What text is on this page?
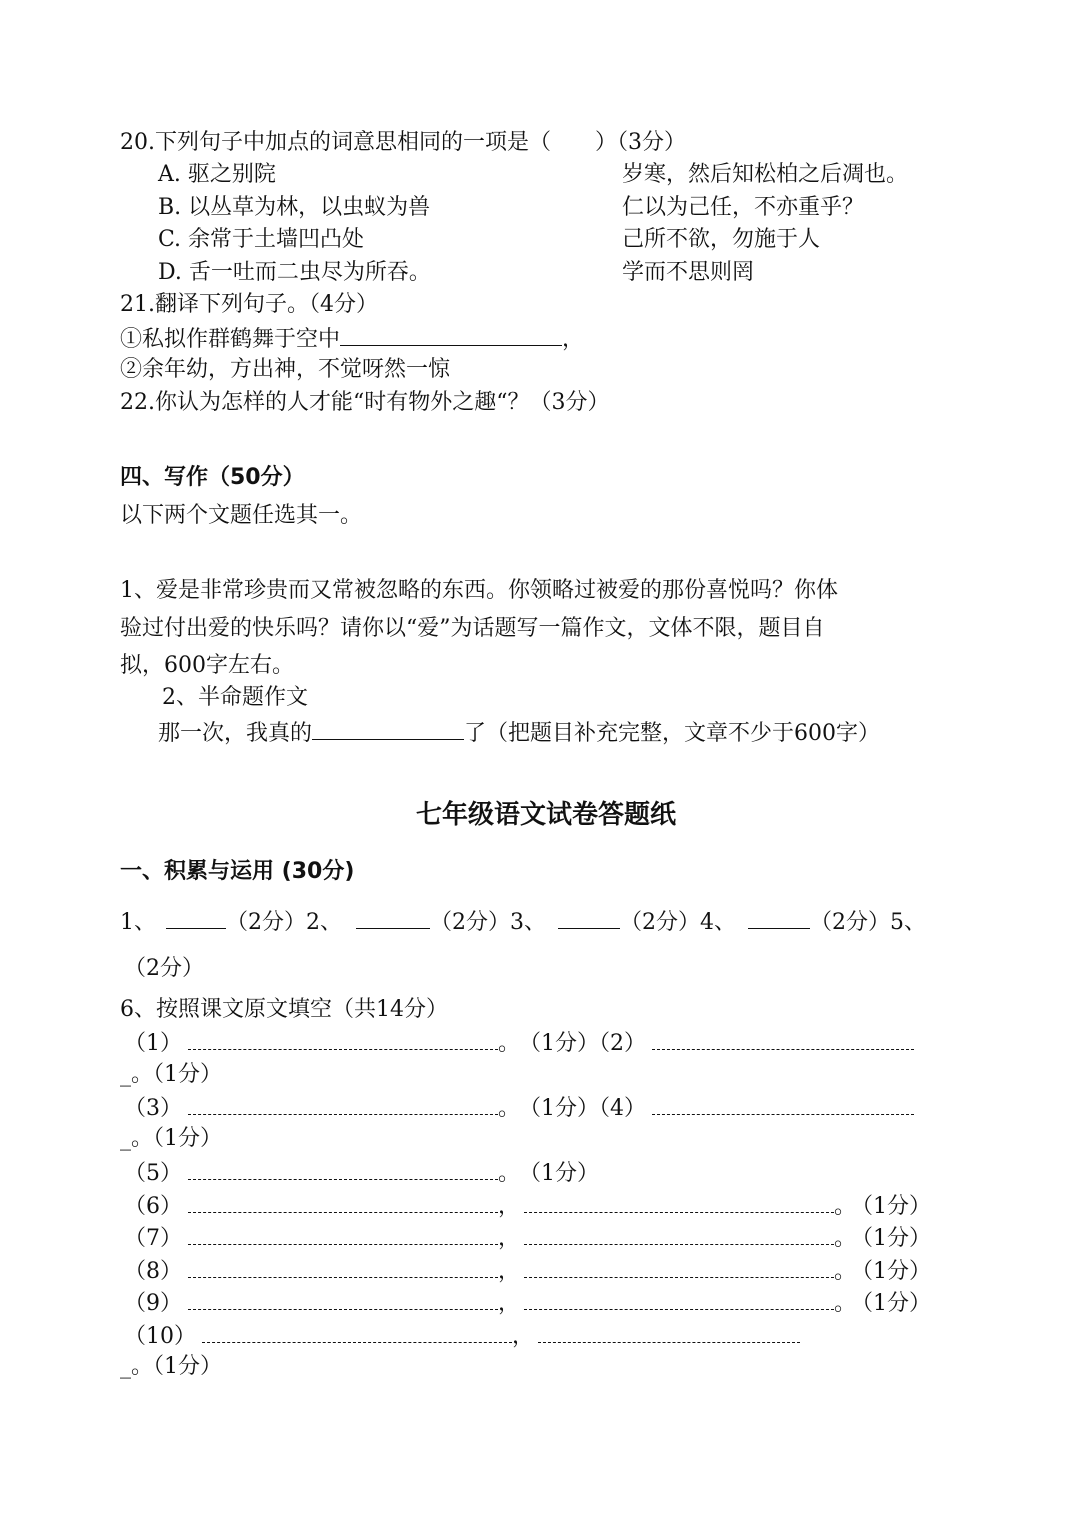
20.下列句子中加点的词意思相同的一项是（　　）（3分）
A. 驱之别院	岁寒，然后知松柏之后凋也。
B. 以丛草为林，以虫蚁为兽	仁以为己任，不亦重乎？
C. 余常于土墙凹凸处	己所不欲，勿施于人
D. 舌一吐而二虫尽为所吞。	学而不思则罔
21.翻译下列句子。（4分）
①私拟作群鹤舞于空中	，
②余年幼，方出神，不觉呀然一惊
22.你认为怎样的人才能“时有物外之趣“？（3分）
四、写作（50分）
以下两个文题任选其一。
1、爱是非常珍贵而又常被忽略的东西。你领略过被爱的那份喜悦吗？你体
验过付出爱的快乐吗？请你以“爱”为话题写一篇作文，文体不限，题目自
拟，600字左右。
2、半命题作文
那一次，我真的	了（把题目补充完整，文章不少于600字）
七年级语文试卷答题纸
一、积累与运用 (30分)
1、	（2分）2、	（2分）3、	（2分）4、	（2分）5、
（2分）
6、按照课文原文填空（共14分）
（1）	。 （1分）（2）
_。（1分）
（3）	。 （1分）（4）
_。（1分）
（5）	。 （1分）
（6）	，	。 （1分）
（7）	，	。 （1分）
（8）	，	。 （1分）
（9）	，	。 （1分）
（10）	，
_。（1分）
